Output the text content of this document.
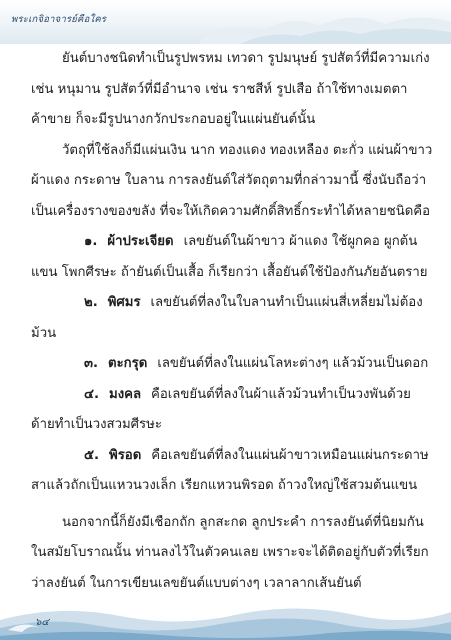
พระเกจิอาจารย์คือใคร

ยันต์บางชนิดทำเป็นรูปพรหม เทวดา รูปมนุษย์ รูปสัตว์ที่มีความเก่ง เช่น หนุมาน รูปสัตว์ที่มีอำนาจ เช่น ราชสีห์ รูปเสือ ถ้าใช้ทางเมตตา ค้าขาย ก็จะมีรูปนางกวักประกอบอยู่ในแผ่นยันต์นั้น

วัตถุที่ใช้ลงก็มีแผ่นเงิน นาก ทองแดง ทองเหลือง ตะกั่ว แผ่นผ้าขาว ผ้าแดง กระดาษ ใบลาน การลงยันต์ใส่วัตถุตามที่กล่าวมานี้ ซึ่งนับถือว่าเป็นเครื่องรางของขลัง ที่จะให้เกิดความศักดิ์สิทธิ์กระทำได้หลายชนิดคือ

๑. ผ้าประเจียด เลขยันต์ในผ้าขาว ผ้าแดง ใช้ผูกคอ ผูกต้นแขน โพกศีรษะ ถ้ายันต์เป็นเสื้อ ก็เรียกว่า เสื้อยันต์ใช้ป้องกันภัยอันตราย

๒. พิศมร เลขยันต์ที่ลงในใบลานทำเป็นแผ่นสี่เหลี่ยมไม่ต้องม้วน

๓. ตะกรุด เลขยันต์ที่ลงในแผ่นโลหะต่างๆ แล้วม้วนเป็นดอก

๔. มงคล คือเลขยันต์ที่ลงในผ้าแล้วม้วนทำเป็นวงพันด้วยด้ายทำเป็นวงสวมศีรษะ

๕. พิรอด คือเลขยันต์ที่ลงในแผ่นผ้าขาวเหมือนแผ่นกระดาษสาแล้วถักเป็นแหวนวงเล็ก เรียกแหวนพิรอด ถ้าวงใหญ่ใช้สวมต้นแขน

นอกจากนี้ก็ยังมีเชือกถัก ลูกสะกด ลูกประคำ การลงยันต์ที่นิยมกันในสมัยโบราณนั้น ท่านลงไว้ในตัวคนเลย เพราะจะได้ติดอยู่กับตัวที่เรียกว่าลงยันต์ ในการเขียนเลขยันต์แบบต่างๆ เวลาลากเส้นยันต์

๖๔
